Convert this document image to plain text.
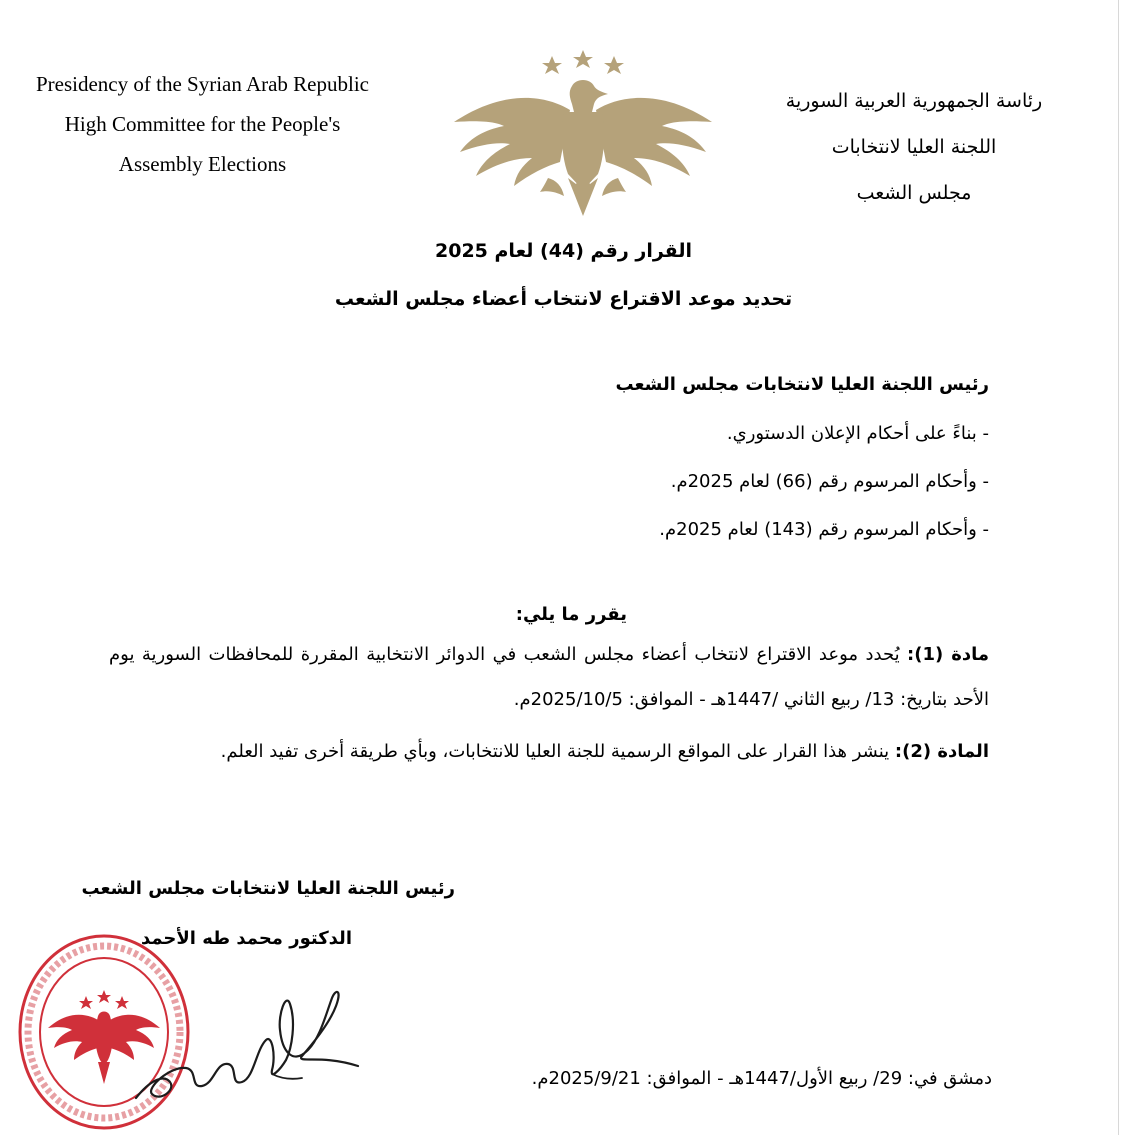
Presidency of the Syrian Arab Republic
High Committee for the People's
Assembly Elections
رئاسة الجمهورية العربية السورية
اللجنة العليا لانتخابات
مجلس الشعب
القرار رقم (44) لعام 2025
تحديد موعد الاقتراع لانتخاب أعضاء مجلس الشعب
رئيس اللجنة العليا لانتخابات مجلس الشعب
- بناءً على أحكام الإعلان الدستوري.
- وأحكام المرسوم رقم (66) لعام 2025م.
- وأحكام المرسوم رقم (143) لعام 2025م.
يقرر ما يلي:
مادة (1): يُحدد موعد الاقتراع لانتخاب أعضاء مجلس الشعب في الدوائر الانتخابية المقررة للمحافظات السورية يوم الأحد بتاريخ: 13/ ربيع الثاني /1447هـ - الموافق: 2025/10/5م.
المادة (2): ينشر هذا القرار على المواقع الرسمية للجنة العليا للانتخابات، وبأي طريقة أخرى تفيد العلم.
رئيس اللجنة العليا لانتخابات مجلس الشعب
الدكتور محمد طه الأحمد
دمشق في: 29/ ربيع الأول/1447هـ - الموافق: 2025/9/21م.
